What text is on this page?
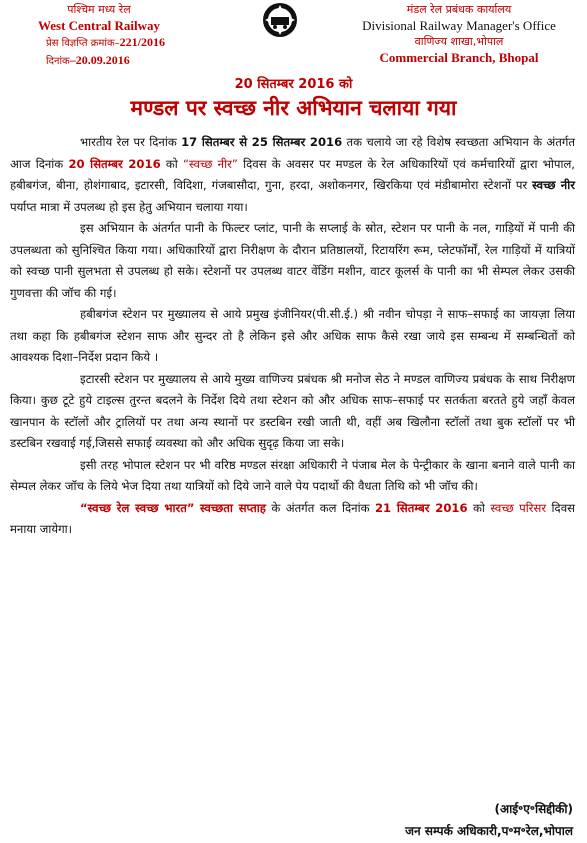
पश्चिम मध्य रेल
West Central Railway
प्रेस विज्ञप्ति क्रमांक–221/2016
दिनांक–20.09.2016
मंडल रेल प्रबंधक कार्यालय
Divisional Railway Manager's Office
वाणिज्य शाखा,भोपाल
Commercial Branch, Bhopal
20 सितम्बर 2016 को
मण्डल पर स्वच्छ नीर अभियान चलाया गया

भारतीय रेल पर दिनांक 17 सितम्बर से 25 सितम्बर 2016 तक चलाये जा रहे विशेष स्वच्छता अभियान के अंतर्गत आज दिनांक 20 सितम्बर 2016 को “स्वच्छ नीर” दिवस के अवसर पर मण्डल के रेल अधिकारियों एवं कर्मचारियों द्वारा भोपाल, हबीबगंज, बीना, होशंगाबाद, इटारसी, विदिशा, गंजबासौदा, गुना, हरदा, अशोकनगर, खिरकिया एवं मंडीबामोरा स्टेशनों पर स्वच्छ नीर पर्याप्त मात्रा में उपलब्ध हो इस हेतु अभियान चलाया गया।

इस अभियान के अंतर्गत पानी के फिल्टर प्लांट, पानी के सप्लाई के स्रोत, स्टेशन पर पानी के नल, गाड़ियों में पानी की उपलब्धता को सुनिश्चित किया गया। अधिकारियों द्वारा निरीक्षण के दौरान प्रतिष्ठालयों, रिटायरिंग रूम, प्लेटफॉर्मों, रेल गाड़ियों में यात्रियों को स्वच्छ पानी सुलभता से उपलब्ध हो सके। स्टेशनों पर उपलब्ध वाटर वेंडिंग मशीन, वाटर कूलर्स के पानी का भी सेम्पल लेकर उसकी गुणवत्ता की जॉच की गई।

हबीबगंज स्टेशन पर मुख्यालय से आये प्रमुख इंजीनियर(पी.सी.ई.) श्री नवीन चोपड़ा ने साफ–सफाई का जायज़ा लिया तथा कहा कि हबीबगंज स्टेशन साफ और सुन्दर तो है लेकिन इसे और अधिक साफ कैसे रखा जाये इस सम्बन्ध में सम्बन्धितों को आवश्यक दिशा–निर्देश प्रदान किये ।

इटारसी स्टेशन पर मुख्यालय से आये मुख्य वाणिज्य प्रबंधक श्री मनोज सेठ ने मण्डल वाणिज्य प्रबंधक के साथ निरीक्षण किया। कुछ टूटे हुये टाइल्स तुरन्त बदलने के निर्देश दिये तथा स्टेशन को और अधिक साफ–सफाई पर सतर्कता बरतते हुये जहाँ केवल खानपान के स्टॉलों और ट्रालियों पर तथा अन्य स्थानों पर डस्टबिन रखी जाती थी, वहीं अब खिलौना स्टॉलों तथा बुक स्टॉलों पर भी डस्टबिन रखवाई गई,जिससे सफाई व्यवस्था को और अधिक सुदृढ़ किया जा सके।

इसी तरह भोपाल स्टेशन पर भी वरिष्ठ मण्डल संरक्षा अधिकारी ने पंजाब मेल के पेन्ट्रीकार के खाना बनाने वाले पानी का सेम्पल लेकर जॉच के लिये भेज दिया तथा यात्रियों को दिये जाने वाले पेय पदार्थो की वैधता तिथि को भी जॉच की।

“स्वच्छ रेल स्वच्छ भारत” स्वच्छता सप्ताह के अंतर्गत कल दिनांक 21 सितम्बर 2016 को स्वच्छ परिसर दिवस मनाया जायेगा।

(आई॰ए॰सिद्दीकी)
जन सम्पर्क अधिकारी,प॰म॰रेल,भोपाल
